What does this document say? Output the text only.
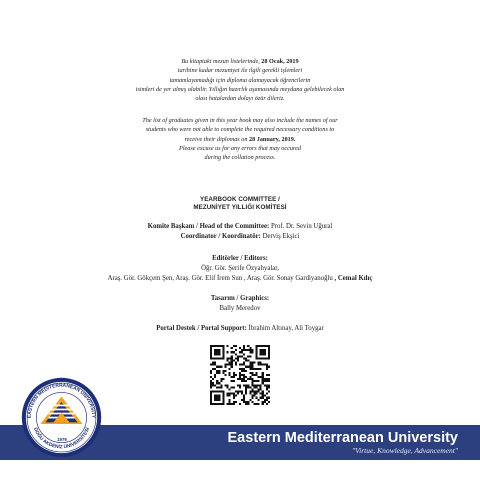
Bu kitaptaki mezun listelerinde, 28 Ocak, 2019

tarihine kadar mezuniyet ile ilgili gerekli işlemleri

tamamlayamadığı için diploma alamayacak öğrencilerin

isimleri de yer almış olabilir. Yıllığın hazırlık aşamasında meydana gelebilecek olan

olası hatalardan dolayı özür dileriz.

The list of graduates given in this year book may also include the names of our

students who were not able to complete the required necessary conditions to

receive their diplomas on 28 January, 2019.

Please excuse us for any errors that may occured

during the collation process.

YEARBOOK COMMITTEE /
MEZUNİYET YILLIĞI KOMİTESİ
Komite Başkanı / Head of the Committee: Prof. Dr. Sevin Uğural
Coordinator / Koordinatör: Derviş Ekşici
Editörler / Editors:
Öğr. Gör. Şerife Özyahyalar,
Araş. Gör. Gökçem Şen, Araş. Gör. Elif İrem Sun , Araş. Gör. Sonay Gardiyanoğlu , Cemal Kılıç
Tasarım / Graphics:
Bally Meredov
Portal Destek / Portal Support: İbrahim Altınay, Ali Toygar
Eastern Mediterranean University
"Virtue, Knowledge, Advancement"
EASTERN MEDITERRANEAN UNIVERSITY
DOĞU AKDENİZ ÜNİVERSİTESİ
1979
